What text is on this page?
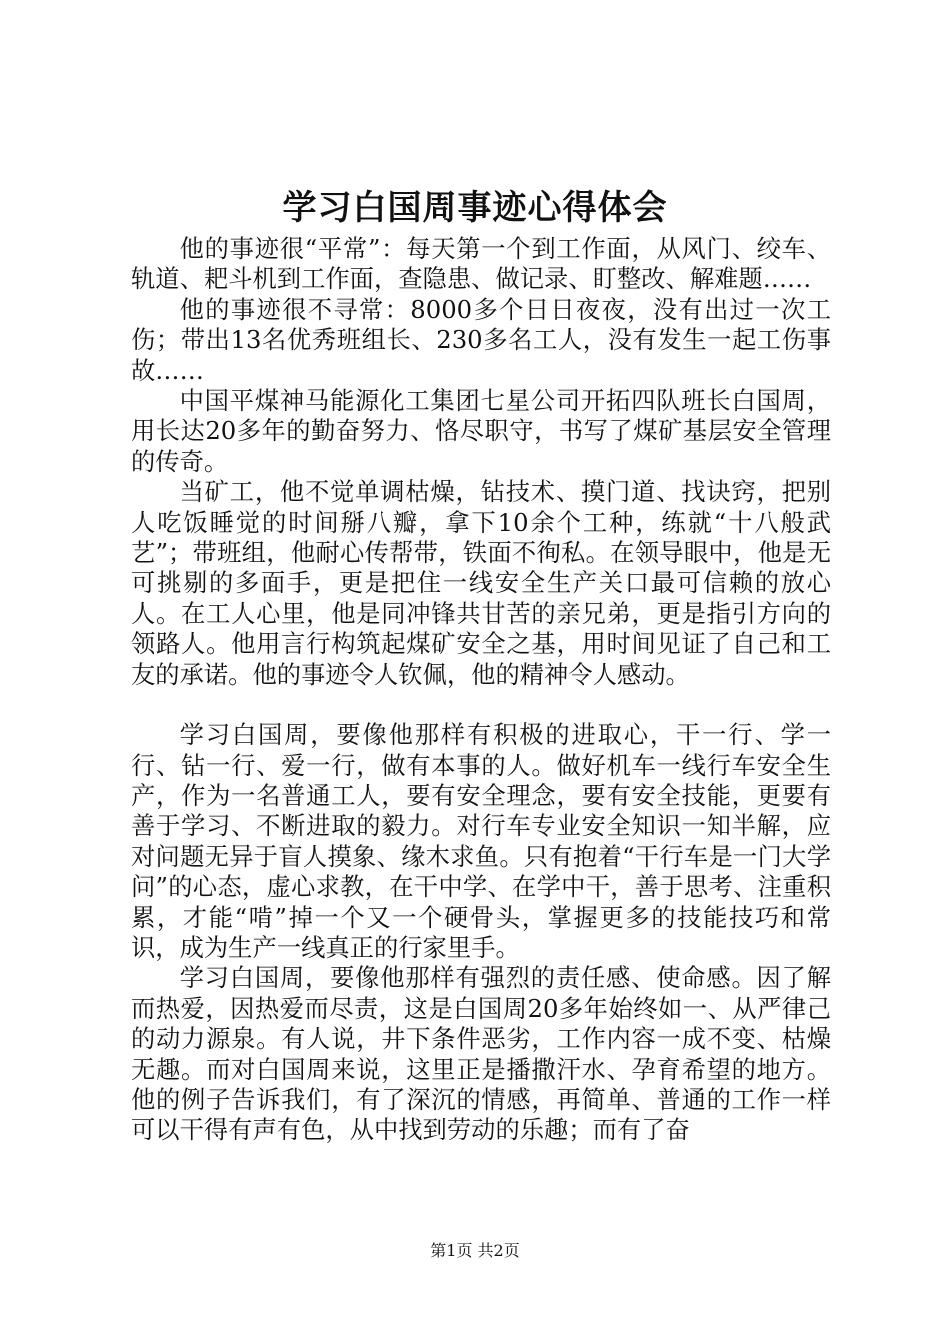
学习白国周事迹心得体会

他的事迹很“平常”：每天第一个到工作面，从风门、绞车、轨道、耙斗机到工作面，查隐患、做记录、盯整改、解难题……

他的事迹很不寻常：8000多个日日夜夜，没有出过一次工伤；带出13名优秀班组长、230多名工人，没有发生一起工伤事故……

中国平煤神马能源化工集团七星公司开拓四队班长白国周，用长达20多年的勤奋努力、恪尽职守，书写了煤矿基层安全管理的传奇。

当矿工，他不觉单调枯燥，钻技术、摸门道、找诀窍，把别人吃饭睡觉的时间掰八瓣，拿下10余个工种，练就“十八般武艺”；带班组，他耐心传帮带，铁面不徇私。在领导眼中，他是无可挑剔的多面手，更是把住一线安全生产关口最可信赖的放心人。在工人心里，他是同冲锋共甘苦的亲兄弟，更是指引方向的领路人。他用言行构筑起煤矿安全之基，用时间见证了自己和工友的承诺。他的事迹令人钦佩，他的精神令人感动。

学习白国周，要像他那样有积极的进取心，干一行、学一行、钻一行、爱一行，做有本事的人。做好机车一线行车安全生产，作为一名普通工人，要有安全理念，要有安全技能，更要有善于学习、不断进取的毅力。对行车专业安全知识一知半解，应对问题无异于盲人摸象、缘木求鱼。只有抱着“干行车是一门大学问”的心态，虚心求教，在干中学、在学中干，善于思考、注重积累，才能“啃”掉一个又一个硬骨头，掌握更多的技能技巧和常识，成为生产一线真正的行家里手。

学习白国周，要像他那样有强烈的责任感、使命感。因了解而热爱，因热爱而尽责，这是白国周20多年始终如一、从严律己的动力源泉。有人说，井下条件恶劣，工作内容一成不变、枯燥无趣。而对白国周来说，这里正是播撒汗水、孕育希望的地方。他的例子告诉我们，有了深沉的情感，再简单、普通的工作一样可以干得有声有色，从中找到劳动的乐趣；而有了奋

第1页 共2页
